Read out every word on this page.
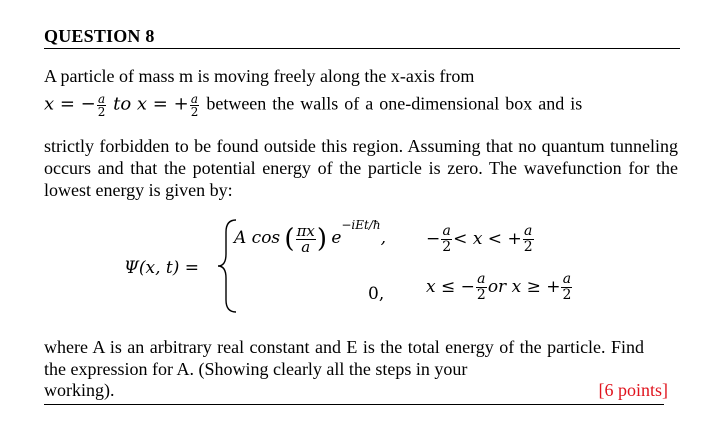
QUESTION 8
A particle of mass m is moving freely along the x-axis from
x = − $\frac{a}{2}$ to x = + $\frac{a}{2}$ between the walls of a one-dimensional box and is
strictly forbidden to be found outside this region. Assuming that no quantum tunneling occurs and that the potential energy of the particle is zero. The wavefunction for the lowest energy is given by:
Ψ(x, t) =
A cos ( $\frac{\pi x}{a}$ ) $e^{-iEt/ħ}$, − $\frac{a}{2} < x$ < + $\frac{a}{2}$
0, x ≤ − $\frac{a}{2}$ or x ≥ + $\frac{a}{2}$
where A is an arbitrary real constant and E is the total energy of the particle. Find the expression for A. (Showing clearly all the steps in your
working).	[6 points]
